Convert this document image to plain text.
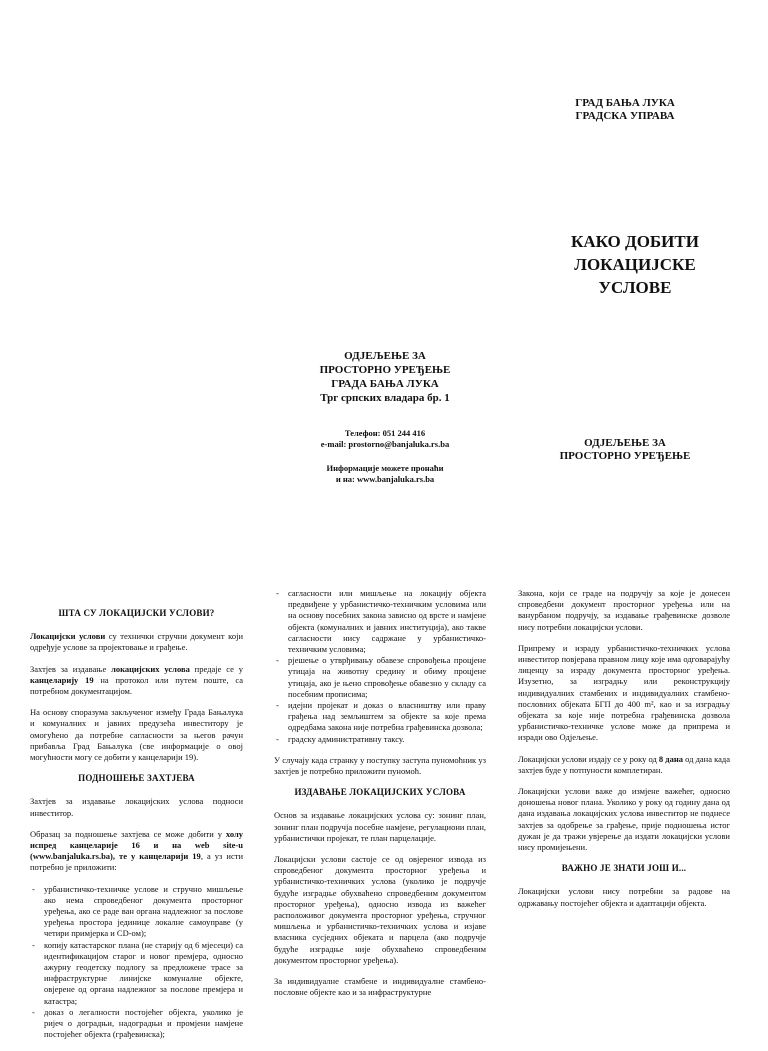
ГРАД БАЊА ЛУКА
ГРАДСКА УПРАВА
КАКО ДОБИТИ
ЛОКАЦИЈСКЕ
УСЛОВЕ
ОДЈЕЉЕЊЕ ЗА
ПРОСТОРНО УРЕЂЕЊЕ
ГРАДА БАЊА ЛУКА
Трг српских владара бр. 1
Телефон: 051 244 416
e-mail: prostorno@banjaluka.rs.ba
Информације можете пронаћи
и на: www.banjaluka.rs.ba
ОДЈЕЉЕЊЕ ЗА
ПРОСТОРНО УРЕЂЕЊЕ
ШТА СУ ЛОКАЦИЈСКИ УСЛОВИ?

Локацијски услови су технички стручни документ који одређује услове за пројектовање и грађење.

Захтјев за издавање локацијских услова предаје се у канцеларију 19 на протокол или путем поште, са потребном документацијом.

На основу споразума закљученог између Града Бањалука и комуналних и јавних предузећа инвеститору је омогућено да потребне сагласности за његов рачун прибавља Град Бањалука (све информације о овој могућности могу се добити у канцеларији 19).

ПОДНОШЕЊЕ ЗАХТЈЕВА

Захтјев за издавање локацијских услова подноси инвеститор.

Образац за подношење захтјева се може добити у холу испред канцеларије 16 и на web site-u (www.banjaluka.rs.ba), те у канцеларији 19, а уз исти потребно је приложити:

- урбанистичко-техничке услове и стручно мишљење ако нема спроведбеног документа просторног уређења, ако се раде ван органа надлежног за послове уређења простора јединице локалне самоуправе (у четири примјерка и CD-ом);
- копију катастарског плана (не старију од 6 мјесеци) са идентификацијом старог и новог премјера, односно ажурну геодетску подлогу за предложене трасе за инфраструктурне линијске комуналне објекте, овјерене од органа надлежног за послове премјера и катастра;
- доказ о легалности постојећег објекта, уколико је ријеч о доградњи, надоградњи и промјени намјене постојећег објекта (грађевинска);
- сагласности или мишљење на локацију објекта предвиђене у урбанистичко-техничким условима или на основу посебних закона зависно од врсте и намјене објекта (комуналних и јавних институција), ако такве сагласности нису садржане у урбанистичко-техничким условима;
- рјешење о утврђивању обавезе спровођења процјене утицаја на животну средину и обиму процјене утицаја, ако је њено спровођење обавезно у складу са посебним прописима;
- идејни пројекат и доказ о власништву или праву грађења над земљиштем за објекте за које према одредбама закона није потребна грађевинска дозвола;
- градску административну таксу.

У случају када странку у поступку заступа пуномоћник уз захтјев је потребно приложити пуномоћ.

ИЗДАВАЊЕ ЛОКАЦИЈСКИХ УСЛОВА

Основ за издавање локацијских услова су: зонинг план, зонинг план подручја посебне намјене, регулациони план, урбанистички пројекат, те план парцелације.

Локацијски услови састоје се од овјереног извода из спроведбеног документа просторног уређења и урбанистичко-техничких услова (уколико је подручје будуће изградње обухваћено спроведбеним документом просторног уређења), односно извода из важећег расположивог документа просторног уређења, стручног мишљења и урбанистичко-техничких услова и изјаве власника сусједних објеката и парцела (ако подручје будуће изградње није обухваћено спроведбеним документом просторног уређења).

За индивидуалне стамбене и индивидуалне стамбено-пословне објекте као и за инфраструктурне

Закона, који се граде на подручју за које је донесен спроведбени документ просторног уређења или на ванурбаном подручју, за издавање грађевинске дозволе нису потребни локацијски услови.

Припрему и израду урбанистичко-техничких услова инвеститор повјерава правном лицу које има одговарајућу лиценцу за израду документа просторног уређења. Изузетно, за изградњу или реконструкцију индивидуалних стамбених и индивидуалних стамбено-пословних објеката БГП до 400 m², као и за изградњу објеката за које није потребна грађевинска дозвола урбанистичко-техничке услове може да припрема и изради ово Одјељење.

Локацијски услови издају се у року од 8 дана од дана када захтјев буде у потпуности комплетиран.

Локацијски услови важе до измјене важећег, односно доношења новог плана. Уколико у року од годину дана од дана издавања локацијских услова инвеститор не поднесе захтјев за одобрење за грађење, прије подношења истог дужан је да тражи увјерење да издати локацијски услови нису промијењени.

ВАЖНО ЈЕ ЗНАТИ ЈОШ И...

Локацијски услови нису потребни за радове на одржавању постојећег објекта и адаптацији објекта.
